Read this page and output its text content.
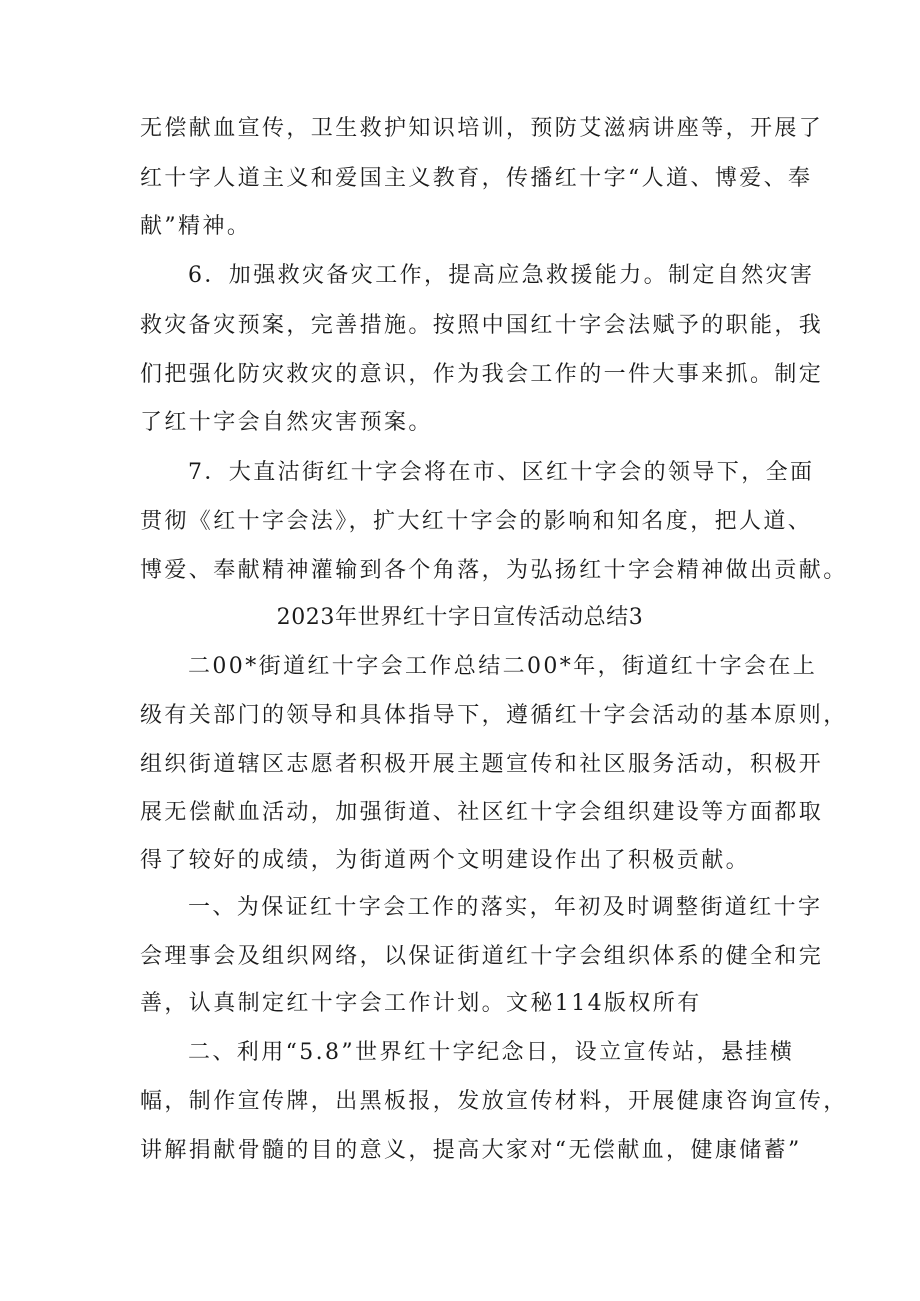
无偿献血宣传，卫生救护知识培训，预防艾滋病讲座等，开展了
红十字人道主义和爱国主义教育，传播红十字“人道、博爱、奉
献”精神。
6．加强救灾备灾工作，提高应急救援能力。制定自然灾害
救灾备灾预案，完善措施。按照中国红十字会法赋予的职能，我
们把强化防灾救灾的意识，作为我会工作的一件大事来抓。制定
了红十字会自然灾害预案。
7．大直沽街红十字会将在市、区红十字会的领导下，全面
贯彻《红十字会法》，扩大红十字会的影响和知名度，把人道、
博爱、奉献精神灌输到各个角落，为弘扬红十字会精神做出贡献。
2023年世界红十字日宣传活动总结3
二00*街道红十字会工作总结二00*年，街道红十字会在上
级有关部门的领导和具体指导下，遵循红十字会活动的基本原则，
组织街道辖区志愿者积极开展主题宣传和社区服务活动，积极开
展无偿献血活动，加强街道、社区红十字会组织建设等方面都取
得了较好的成绩，为街道两个文明建设作出了积极贡献。
一、为保证红十字会工作的落实，年初及时调整街道红十字
会理事会及组织网络，以保证街道红十字会组织体系的健全和完
善，认真制定红十字会工作计划。文秘114版权所有
二、利用“5.8”世界红十字纪念日，设立宣传站，悬挂横
幅，制作宣传牌，出黑板报，发放宣传材料，开展健康咨询宣传，
讲解捐献骨髓的目的意义，提高大家对“无偿献血，健康储蓄”
